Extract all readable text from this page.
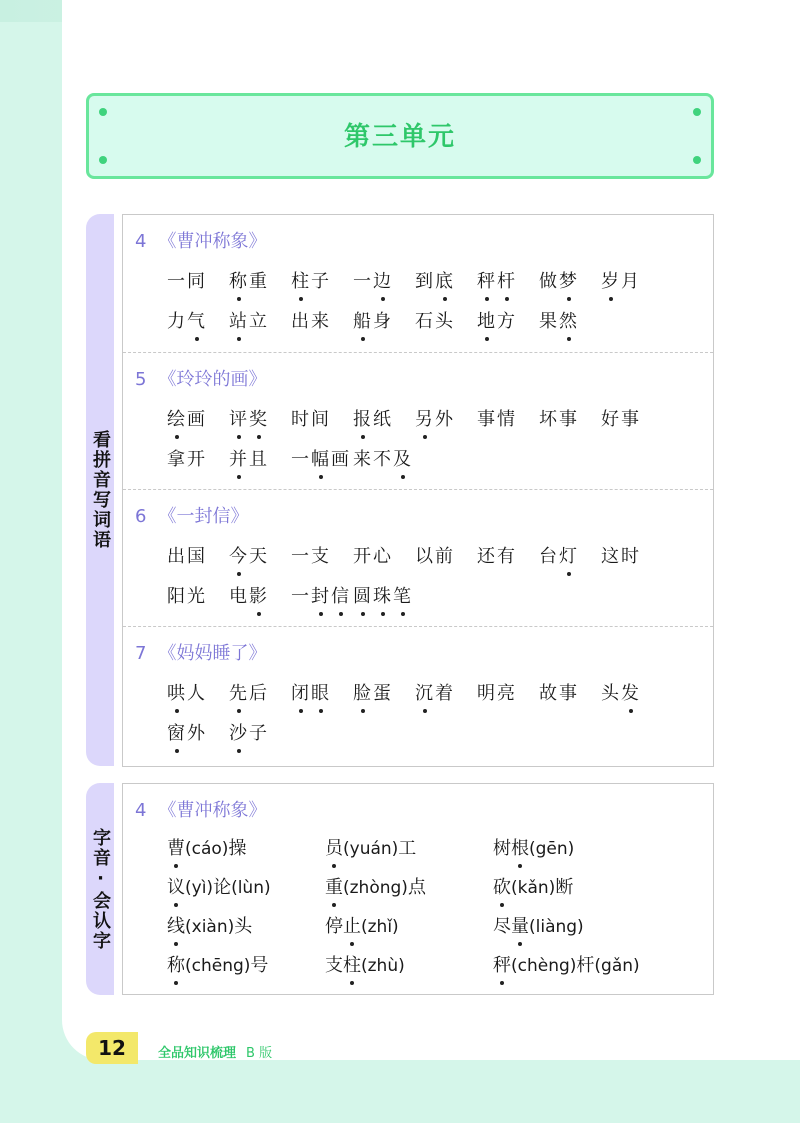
第三单元
看拼音写词语
4 《曹冲称象》
一同	称重	柱子	一边	到底	秤杆	做梦	岁月
力气	站立	出来	船身	石头	地方	果然
5 《玲玲的画》
绘画	评奖	时间	报纸	另外	事情	坏事	好事
拿开	并且	一幅画 来不及
6 《一封信》
出国	今天	一支	开心	以前	还有	台灯	这时
阳光	电影	一封信 圆珠笔
7 《妈妈睡了》
哄人	先后	闭眼	脸蛋	沉着	明亮	故事	头发
窗外	沙子
字音·会认字
4 《曹冲称象》
曹(cáo)操	员(yuán)工	树根(gēn)
议(yì)论(lùn)	重(zhòng)点	砍(kǎn)断
线(xiàn)头	停止(zhǐ)	尽量(liàng)
称(chēng)号	支柱(zhù)	秤(chèng)杆(gǎn)
12	全品知识梳理 B 版
